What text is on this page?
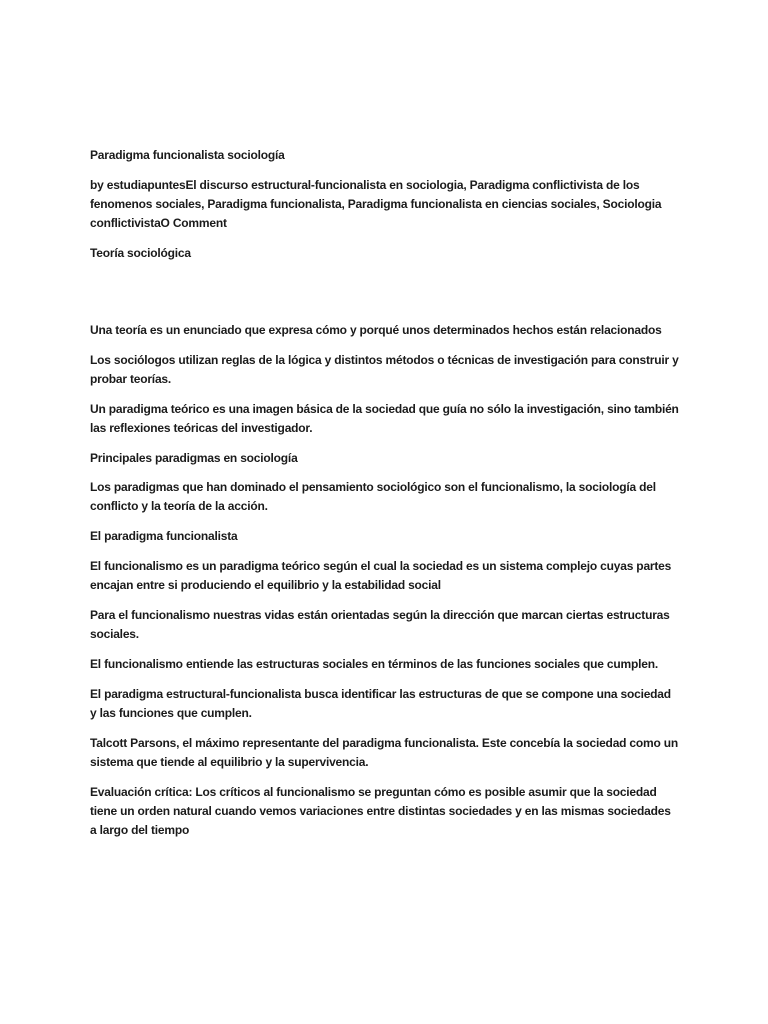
Paradigma funcionalista sociología

by estudiapuntesEl discurso estructural-funcionalista en sociologia, Paradigma conflictivista de los fenomenos sociales, Paradigma funcionalista, Paradigma funcionalista en ciencias sociales, Sociologia conflictivistaO Comment

Teoría sociológica

Una teoría es un enunciado que expresa cómo y porqué unos determinados hechos están relacionados

Los sociólogos utilizan reglas de la lógica y distintos métodos o técnicas de investigación para construir y probar teorías.

Un paradigma teórico es una imagen básica de la sociedad que guía no sólo la investigación, sino también las reflexiones teóricas del investigador.

Principales paradigmas en sociología

Los paradigmas que han dominado el pensamiento sociológico son el funcionalismo, la sociología del conflicto y la teoría de la acción.

El paradigma funcionalista

El funcionalismo es un paradigma teórico según el cual la sociedad es un sistema complejo cuyas partes encajan entre si produciendo el equilibrio y la estabilidad social

Para el funcionalismo nuestras vidas están orientadas según la dirección que marcan ciertas estructuras sociales.

El funcionalismo entiende las estructuras sociales en términos de las funciones sociales que cumplen.

El paradigma estructural-funcionalista busca identificar las estructuras de que se compone una sociedad y las funciones que cumplen.

Talcott Parsons, el máximo representante del paradigma funcionalista. Este concebía la sociedad como un sistema que tiende al equilibrio y la supervivencia.

Evaluación crítica: Los críticos al funcionalismo se preguntan cómo es posible asumir que la sociedad tiene un orden natural cuando vemos variaciones entre distintas sociedades y en las mismas sociedades a largo del tiempo
